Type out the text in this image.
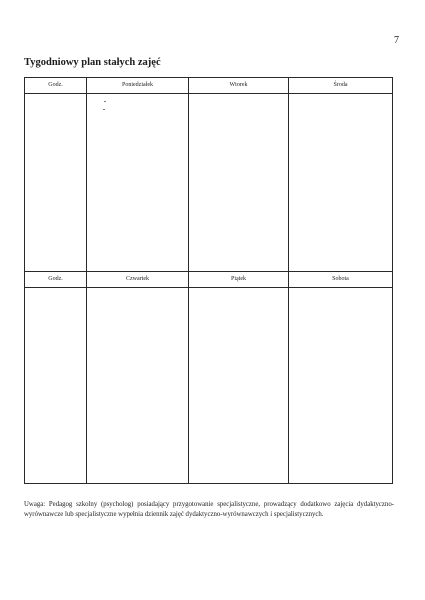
7
Tygodniowy plan stałych zajęć
Godz.	Poniedziałek	Wtorek	Środa
Godz.	Czwartek	Piątek	Sobota

Uwaga: Pedagog szkolny (psycholog) posiadający przygotowanie specjalistyczne, prowadzący dodatkowo zajęcia dydaktyczno-wyrównawcze lub specjalistyczne wypełnia dziennik zajęć dydaktyczno-wyrównawczych i specjalistycznych.
